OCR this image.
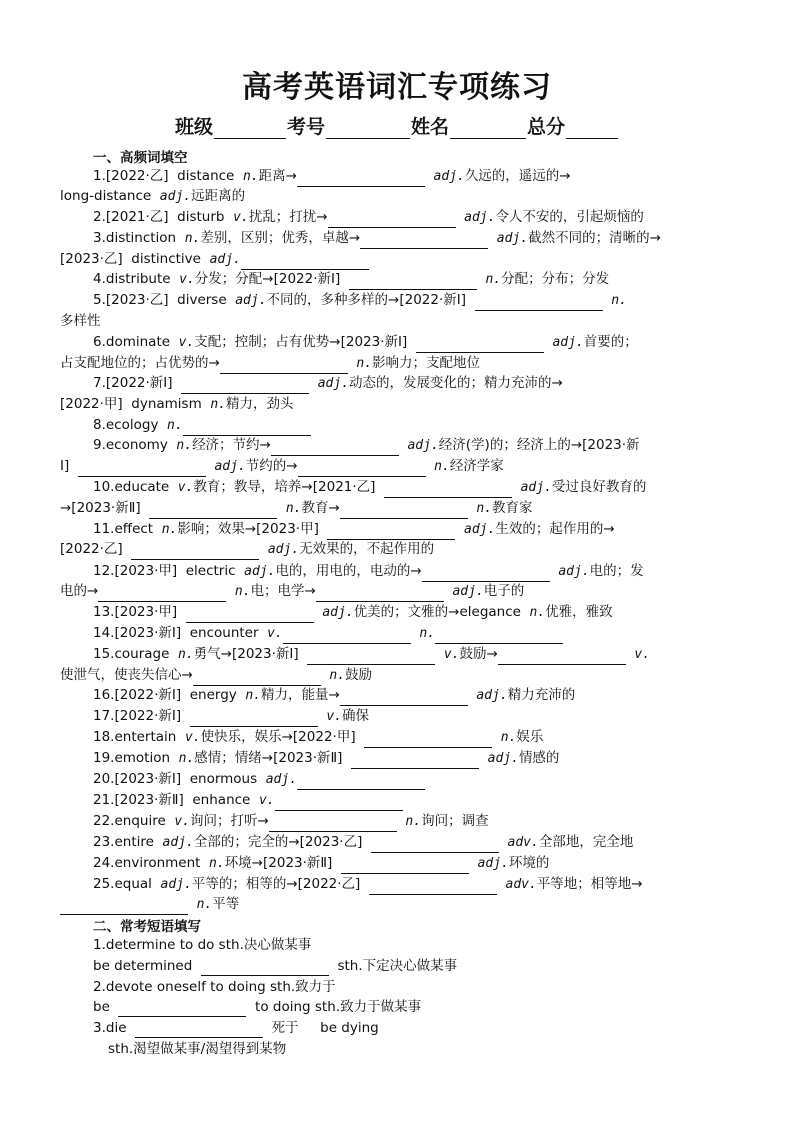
高考英语词汇专项练习
班级	考号	姓名	总分
一、高频词填空
1.[2022·乙]  distance  n.距离→	adj.久远的，遥远的→
long-distance  adj.远距离的
2.[2021·乙]  disturb  v.扰乱；打扰→	adj.令人不安的，引起烦恼的
3.distinction  n.差别，区别；优秀，卓越→	adj.截然不同的；清晰的→
[2023·乙]  distinctive  adj.
4.distribute  v.分发；分配→[2022·新Ⅰ]	n.分配；分布；分发
5.[2023·乙]  diverse  adj.不同的，多种多样的→[2022·新Ⅰ]	n.
多样性
6.dominate  v.支配；控制；占有优势→[2023·新Ⅰ]	adj.首要的；
占支配地位的；占优势的→	n.影响力；支配地位
7.[2022·新Ⅰ]	adj.动态的，发展变化的；精力充沛的→
[2022·甲]  dynamism  n.精力，劲头
8.ecology  n.
9.economy  n.经济；节约→	adj.经济(学)的；经济上的→[2023·新
Ⅰ]	adj.节约的→	n.经济学家
10.educate  v.教育；教导，培养→[2021·乙]	adj.受过良好教育的
→[2023·新Ⅱ]	n.教育→	n.教育家
11.effect  n.影响；效果→[2023·甲]	adj.生效的；起作用的→
[2022·乙]	adj.无效果的，不起作用的
12.[2023·甲]  electric  adj.电的，用电的，电动的→	adj.电的；发
电的→	n.电；电学→	adj.电子的
13.[2023·甲]	adj.优美的；文雅的→elegance  n.优雅，雅致
14.[2023·新Ⅰ]  encounter  v.	n.
15.courage  n.勇气→[2023·新Ⅰ]	v.鼓励→	v.
使泄气，使丧失信心→	n.鼓励
16.[2022·新Ⅰ]  energy  n.精力，能量→	adj.精力充沛的
17.[2022·新Ⅰ]	v.确保
18.entertain  v.使快乐，娱乐→[2022·甲]	n.娱乐
19.emotion  n.感情；情绪→[2023·新Ⅱ]	adj.情感的
20.[2023·新Ⅰ]  enormous  adj.
21.[2023·新Ⅱ]  enhance  v.
22.enquire  v.询问；打听→	n.询问；调查
23.entire  adj.全部的；完全的→[2023·乙]	adv.全部地，完全地
24.environment  n.环境→[2023·新Ⅱ]	adj.环境的
25.equal  adj.平等的；相等的→[2022·乙]	adv.平等地；相等地→
n.平等
二、常考短语填写
1.determine to do sth.决心做某事
be determined	sth.下定决心做某事
2.devote oneself to doing sth.致力于
be	to doing sth.致力于做某事
3.die	死于     be dying
sth.渴望做某事/渴望得到某物
